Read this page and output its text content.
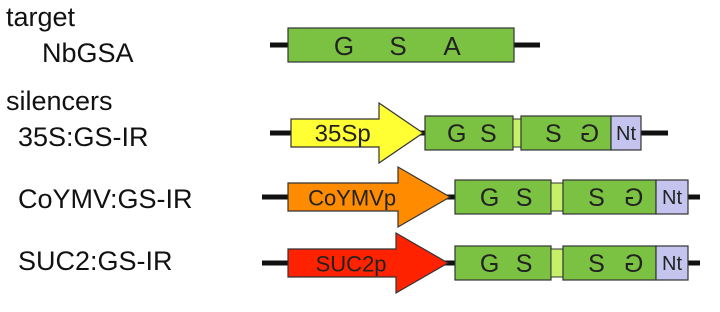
target
NbGSA
silencers
35S:GS-IR
CoYMV:GS-IR
SUC2:GS-IR
G S A
35Sp	G S S G Nt
CoYMVp	G S S G Nt
SUC2p	G S S G Nt
